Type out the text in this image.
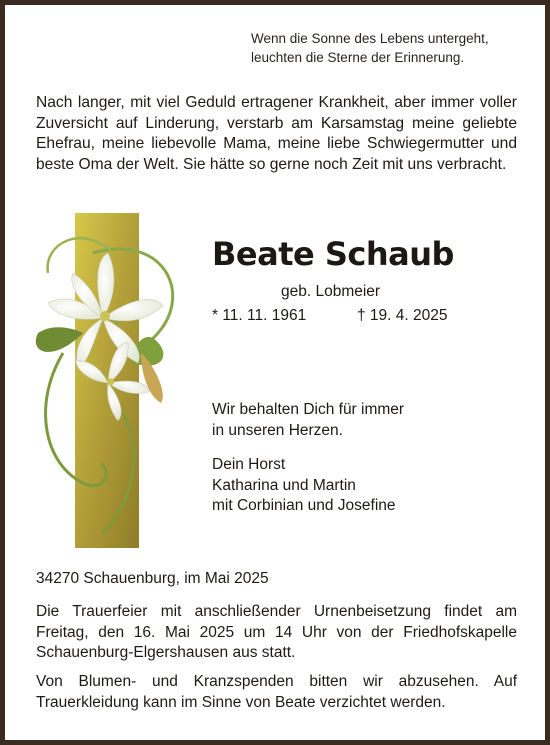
Wenn die Sonne des Lebens untergeht,
leuchten die Sterne der Erinnerung.
Nach langer, mit viel Geduld ertragener Krankheit, aber immer voller Zuversicht auf Linderung, verstarb am Karsamstag meine geliebte Ehefrau, meine liebevolle Mama, meine liebe Schwiegermutter und beste Oma der Welt. Sie hätte so gerne noch Zeit mit uns verbracht.
Beate Schaub
geb. Lobmeier
* 11. 11. 1961	† 19. 4. 2025
Wir behalten Dich für immer
in unseren Herzen.
Dein Horst
Katharina und Martin
mit Corbinian und Josefine
34270 Schauenburg, im Mai 2025
Die Trauerfeier mit anschließender Urnenbeisetzung findet am Freitag, den 16. Mai 2025 um 14 Uhr von der Friedhofskapelle Schauenburg-Elgershausen aus statt.
Von Blumen- und Kranzspenden bitten wir abzusehen. Auf Trauerkleidung kann im Sinne von Beate verzichtet werden.
